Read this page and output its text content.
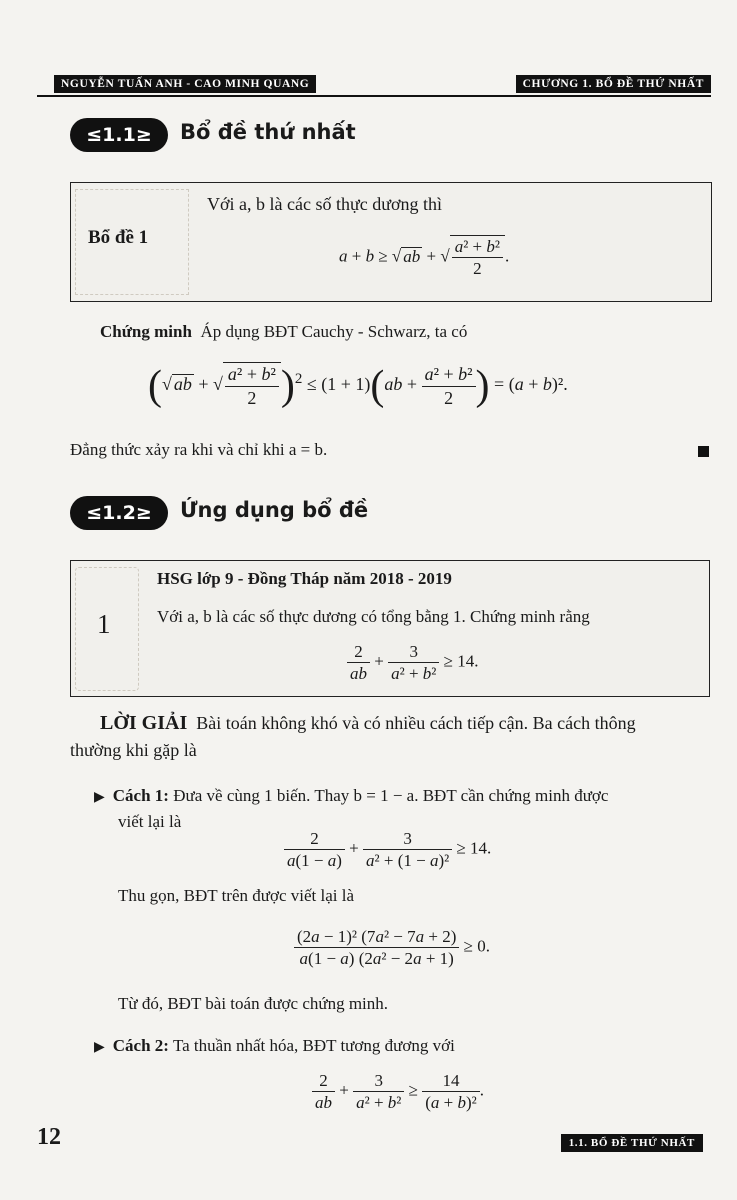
NGUYỄN TUẤN ANH - CAO MINH QUANG	CHƯƠNG 1. BỔ ĐỀ THỨ NHẤT
≤1.1≥	Bổ đề thứ nhất
Bổ đề 1
Với a, b là các số thực dương thì
a + b ≥ √ ab + √ $\frac{\text{a² + b²}}{2}$ .
Chứng minh Áp dụng BĐT Cauchy - Schwarz, ta có
(√ ab + √ $\frac{\text{a² + b²}}{2} )^2 \le (1 + 1)(ab + \frac{\text{a² + b²}}{2}$ ) = (a + b)².
Đẳng thức xảy ra khi và chỉ khi a = b.
≤1.2≥	Ứng dụng bổ đề
1
HSG lớp 9 - Đồng Tháp năm 2018 - 2019
Với a, b là các số thực dương có tổng bằng 1. Chứng minh rằng
$\frac{2}{ab} + \frac{3}{\text{a² + b²}} \ge 14$.
LỜI GIẢI Bài toán không khó và có nhiều cách tiếp cận. Ba cách thông
thường khi gặp là
▶ Cách 1: Đưa về cùng 1 biến. Thay b = 1 − a. BĐT cần chứng minh được
viết lại là
$\frac{2}{a(1 - a)} + \frac{3}{\text{a² + (1 − a)²}} \ge 14$.
Thu gọn, BĐT trên được viết lại là
$\frac{\text{(2a − 1)² (7a² − 7a + 2)}}{\text{a(1 − a) (2a² − 2a + 1)}} \ge 0$.
Từ đó, BĐT bài toán được chứng minh.
▶ Cách 2: Ta thuần nhất hóa, BĐT tương đương với
$\frac{2}{ab} + \frac{3}{\text{a² + b²}} \ge \frac{14}{\text{(a + b)²}}$ .
12	1.1. BỔ ĐỀ THỨ NHẤT
